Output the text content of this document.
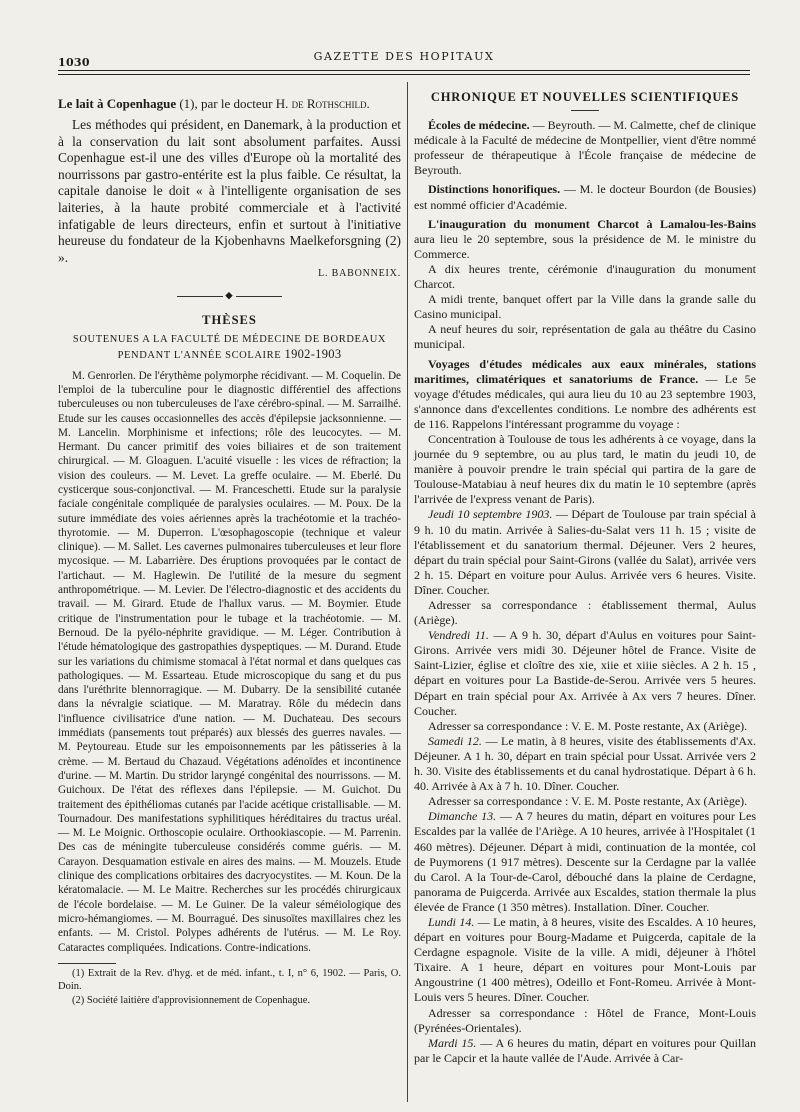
1030	GAZETTE DES HOPITAUX

Le lait à Copenhague (1), par le docteur H. de Rothschild.

Les méthodes qui président, en Danemark, à la production et à la conservation du lait sont absolument parfaites. Aussi Copenhague est-il une des villes d'Europe où la mortalité des nourrissons par gastro-entérite est la plus faible. Ce résultat, la capitale danoise le doit « à l'intelligente organisation de ses laiteries, à la haute probité commerciale et à l'activité infatigable de leurs directeurs, enfin et surtout à l'initiative heureuse du fondateur de la Kjobenhavns Maelkeforsgning (2) ».

L. BABONNEIX.
◆
THÈSES
SOUTENUES A LA FACULTÉ DE MÉDECINE DE BORDEAUX
PENDANT L'ANNÉE SCOLAIRE 1902-1903

M. Genrorlen. De l'érythème polymorphe récidivant. — M. Coquelin. De l'emploi de la tuberculine pour le diagnostic différentiel des affections tuberculeuses ou non tuberculeuses de l'axe cérébro-spinal. — M. Sarrailhé. Etude sur les causes occasionnelles des accès d'épilepsie jacksonnienne. — M. Lancelin. Morphinisme et infections; rôle des leucocytes. — M. Hermant. Du cancer primitif des voies biliaires et de son traitement chirurgical. — M. Gloaguen. L'acuité visuelle : les vices de réfraction; la vision des couleurs. — M. Levet. La greffe oculaire. — M. Eberlé. Du cysticerque sous-conjonctival. — M. Franceschetti. Etude sur la paralysie faciale congénitale compliquée de paralysies oculaires. — M. Poux. De la suture immédiate des voies aériennes après la trachéotomie et la trachéo-thyrotomie. — M. Duperron. L'œsophagoscopie (technique et valeur clinique). — M. Sallet. Les cavernes pulmonaires tuberculeuses et leur flore mycosique. — M. Labarrière. Des éruptions provoquées par le contact de l'artichaut. — M. Haglewin. De l'utilité de la mesure du segment anthropométrique. — M. Levier. De l'électro-diagnostic et des accidents du travail. — M. Girard. Etude de l'hallux varus. — M. Boymier. Etude critique de l'instrumentation pour le tubage et la trachéotomie. — M. Bernoud. De la pyélo-néphrite gravidique. — M. Léger. Contribution à l'étude hématologique des gastropathies dyspeptiques. — M. Durand. Etude sur les variations du chimisme stomacal à l'état normal et dans quelques cas pathologiques. — M. Essarteau. Etude microscopique du sang et du pus dans l'uréthrite blennorragique. — M. Dubarry. De la sensibilité cutanée dans la névralgie sciatique. — M. Maratray. Rôle du médecin dans l'influence civilisatrice d'une nation. — M. Duchateau. Des secours immédiats (pansements tout préparés) aux blessés des guerres navales. — M. Peytoureau. Etude sur les empoisonnements par les pâtisseries à la crème. — M. Bertaud du Chazaud. Végétations adénoïdes et incontinence d'urine. — M. Martin. Du stridor laryngé congénital des nourrissons. — M. Guichoux. De l'état des réflexes dans l'épilepsie. — M. Guichot. Du traitement des épithéliomas cutanés par l'acide acétique cristallisable. — M. Tournadour. Des manifestations syphilitiques héréditaires du tractus uréal. — M. Le Moignic. Orthoscopie oculaire. Orthookiascopie. — M. Parrenin. Des cas de méningite tuberculeuse considérés comme guéris. — M. Carayon. Desquamation estivale en aires des mains. — M. Mouzels. Etude clinique des complications orbitaires des dacryocystites. — M. Koun. De la kératomalacie. — M. Le Maitre. Recherches sur les procédés chirurgicaux de l'école bordelaise. — M. Le Guiner. De la valeur séméiologique des micro-hémangiomes. — M. Bourragué. Des sinusoïtes maxillaires chez les enfants. — M. Cristol. Polypes adhérents de l'utérus. — M. Le Roy. Cataractes compliquées. Indications. Contre-indications.

(1) Extrait de la Rev. d'hyg. et de méd. infant., t. I, n° 6, 1902. — Paris, O. Doin.

(2) Société laitière d'approvisionnement de Copenhague.

CHRONIQUE ET NOUVELLES SCIENTIFIQUES

Écoles de médecine. — Beyrouth. — M. Calmette, chef de clinique médicale à la Faculté de médecine de Montpellier, vient d'être nommé professeur de thérapeutique à l'École française de médecine de Beyrouth.

Distinctions honorifiques. — M. le docteur Bourdon (de Bousies) est nommé officier d'Académie.

L'inauguration du monument Charcot à Lamalou-les-Bains aura lieu le 20 septembre, sous la présidence de M. le ministre du Commerce.

A dix heures trente, cérémonie d'inauguration du monument Charcot.

A midi trente, banquet offert par la Ville dans la grande salle du Casino municipal.

A neuf heures du soir, représentation de gala au théâtre du Casino municipal.

Voyages d'études médicales aux eaux minérales, stations maritimes, climatériques et sanatoriums de France. — Le 5e voyage d'études médicales, qui aura lieu du 10 au 23 septembre 1903, s'annonce dans d'excellentes conditions. Le nombre des adhérents est de 116. Rappelons l'intéressant programme du voyage :

Concentration à Toulouse de tous les adhérents à ce voyage, dans la journée du 9 septembre, ou au plus tard, le matin du jeudi 10, de manière à pouvoir prendre le train spécial qui partira de la gare de Toulouse-Matabiau à neuf heures dix du matin le 10 septembre (après l'arrivée de l'express venant de Paris).

Jeudi 10 septembre 1903. — Départ de Toulouse par train spécial à 9 h. 10 du matin. Arrivée à Salies-du-Salat vers 11 h. 15 ; visite de l'établissement et du sanatorium thermal. Déjeuner. Vers 2 heures, départ du train spécial pour Saint-Girons (vallée du Salat), arrivée vers 2 h. 15. Départ en voiture pour Aulus. Arrivée vers 6 heures. Visite. Dîner. Coucher.

Adresser sa correspondance : établissement thermal, Aulus (Ariège).

Vendredi 11. — A 9 h. 30, départ d'Aulus en voitures pour Saint-Girons. Arrivée vers midi 30. Déjeuner hôtel de France. Visite de Saint-Lizier, église et cloître des xie, xiie et xiiie siècles. A 2 h. 15 , départ en voitures pour La Bastide-de-Serou. Arrivée vers 5 heures. Départ en train spécial pour Ax. Arrivée à Ax vers 7 heures. Dîner. Coucher.

Adresser sa correspondance : V. E. M. Poste restante, Ax (Ariège).

Samedi 12. — Le matin, à 8 heures, visite des établissements d'Ax. Déjeuner. A 1 h. 30, départ en train spécial pour Ussat. Arrivée vers 2 h. 30. Visite des établissements et du canal hydrostatique. Départ à 6 h. 40. Arrivée à Ax à 7 h. 10. Dîner. Coucher.

Adresser sa correspondance : V. E. M. Poste restante, Ax (Ariège).

Dimanche 13. — A 7 heures du matin, départ en voitures pour Les Escaldes par la vallée de l'Ariège. A 10 heures, arrivée à l'Hospitalet (1 460 mètres). Déjeuner. Départ à midi, continuation de la montée, col de Puymorens (1 917 mètres). Descente sur la Cerdagne par la vallée du Carol. A la Tour-de-Carol, débouché dans la plaine de Cerdagne, panorama de Puigcerda. Arrivée aux Escaldes, station thermale la plus élevée de France (1 350 mètres). Installation. Dîner. Coucher.

Lundi 14. — Le matin, à 8 heures, visite des Escaldes. A 10 heures, départ en voitures pour Bourg-Madame et Puigcerda, capitale de la Cerdagne espagnole. Visite de la ville. A midi, déjeuner à l'hôtel Tixaire. A 1 heure, départ en voitures pour Mont-Louis par Angoustrine (1 400 mètres), Odeillo et Font-Romeu. Arrivée à Mont-Louis vers 5 heures. Dîner. Coucher.

Adresser sa correspondance : Hôtel de France, Mont-Louis (Pyrénées-Orientales).

Mardi 15. — A 6 heures du matin, départ en voitures pour Quillan par le Capcir et la haute vallée de l'Aude. Arrivée à Car-
